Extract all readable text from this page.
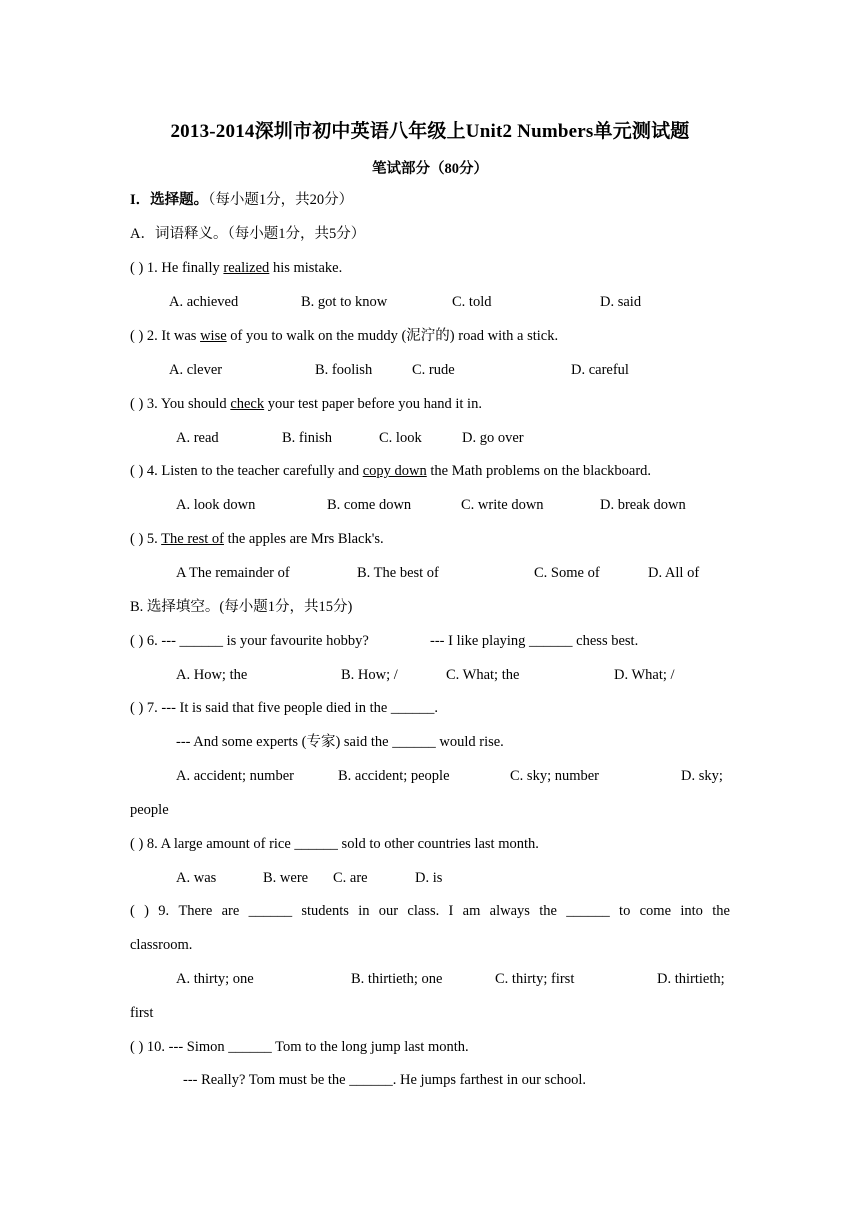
2013-2014深圳市初中英语八年级上Unit2 Numbers单元测试题
笔试部分（80分）
I．选择题。（每小题1分，共20分）
A．词语释义。（每小题1分，共5分）
( ) 1. He finally realized his mistake.
A. achieved	B. got to know	C. told	D. said
( ) 2. It was wise of you to walk on the muddy (泥泞的) road with a stick.
A. clever	B. foolish	C. rude	D. careful
( ) 3. You should check your test paper before you hand it in.
A. read	B. finish	C. look	D. go over
( ) 4. Listen to the teacher carefully and copy down the Math problems on the blackboard.
A. look down	B. come down	C. write down	D. break down
( ) 5. The rest of the apples are Mrs Black's.
A The remainder of	B. The best of	C. Some of	D. All of
B. 选择填空。(每小题1分，共15分)
( ) 6. --- ______ is your favourite hobby?	--- I like playing ______ chess best.
A. How; the	B. How; /	C. What; the	D. What; /
( ) 7. --- It is said that five people died in the ______.
--- And some experts (专家) said the ______ would rise.
A. accident; number	B. accident; people	C. sky; number	D. sky;
people
( ) 8. A large amount of rice ______ sold to other countries last month.
A. was	B. were C. are	D. is
( ) 9. There are ______ students in our class. I am always the ______ to come into the
classroom.
A. thirty; one	B. thirtieth; one	C. thirty; first	D. thirtieth;
first
( ) 10. --- Simon ______ Tom to the long jump last month.
--- Really? Tom must be the ______. He jumps farthest in our school.
